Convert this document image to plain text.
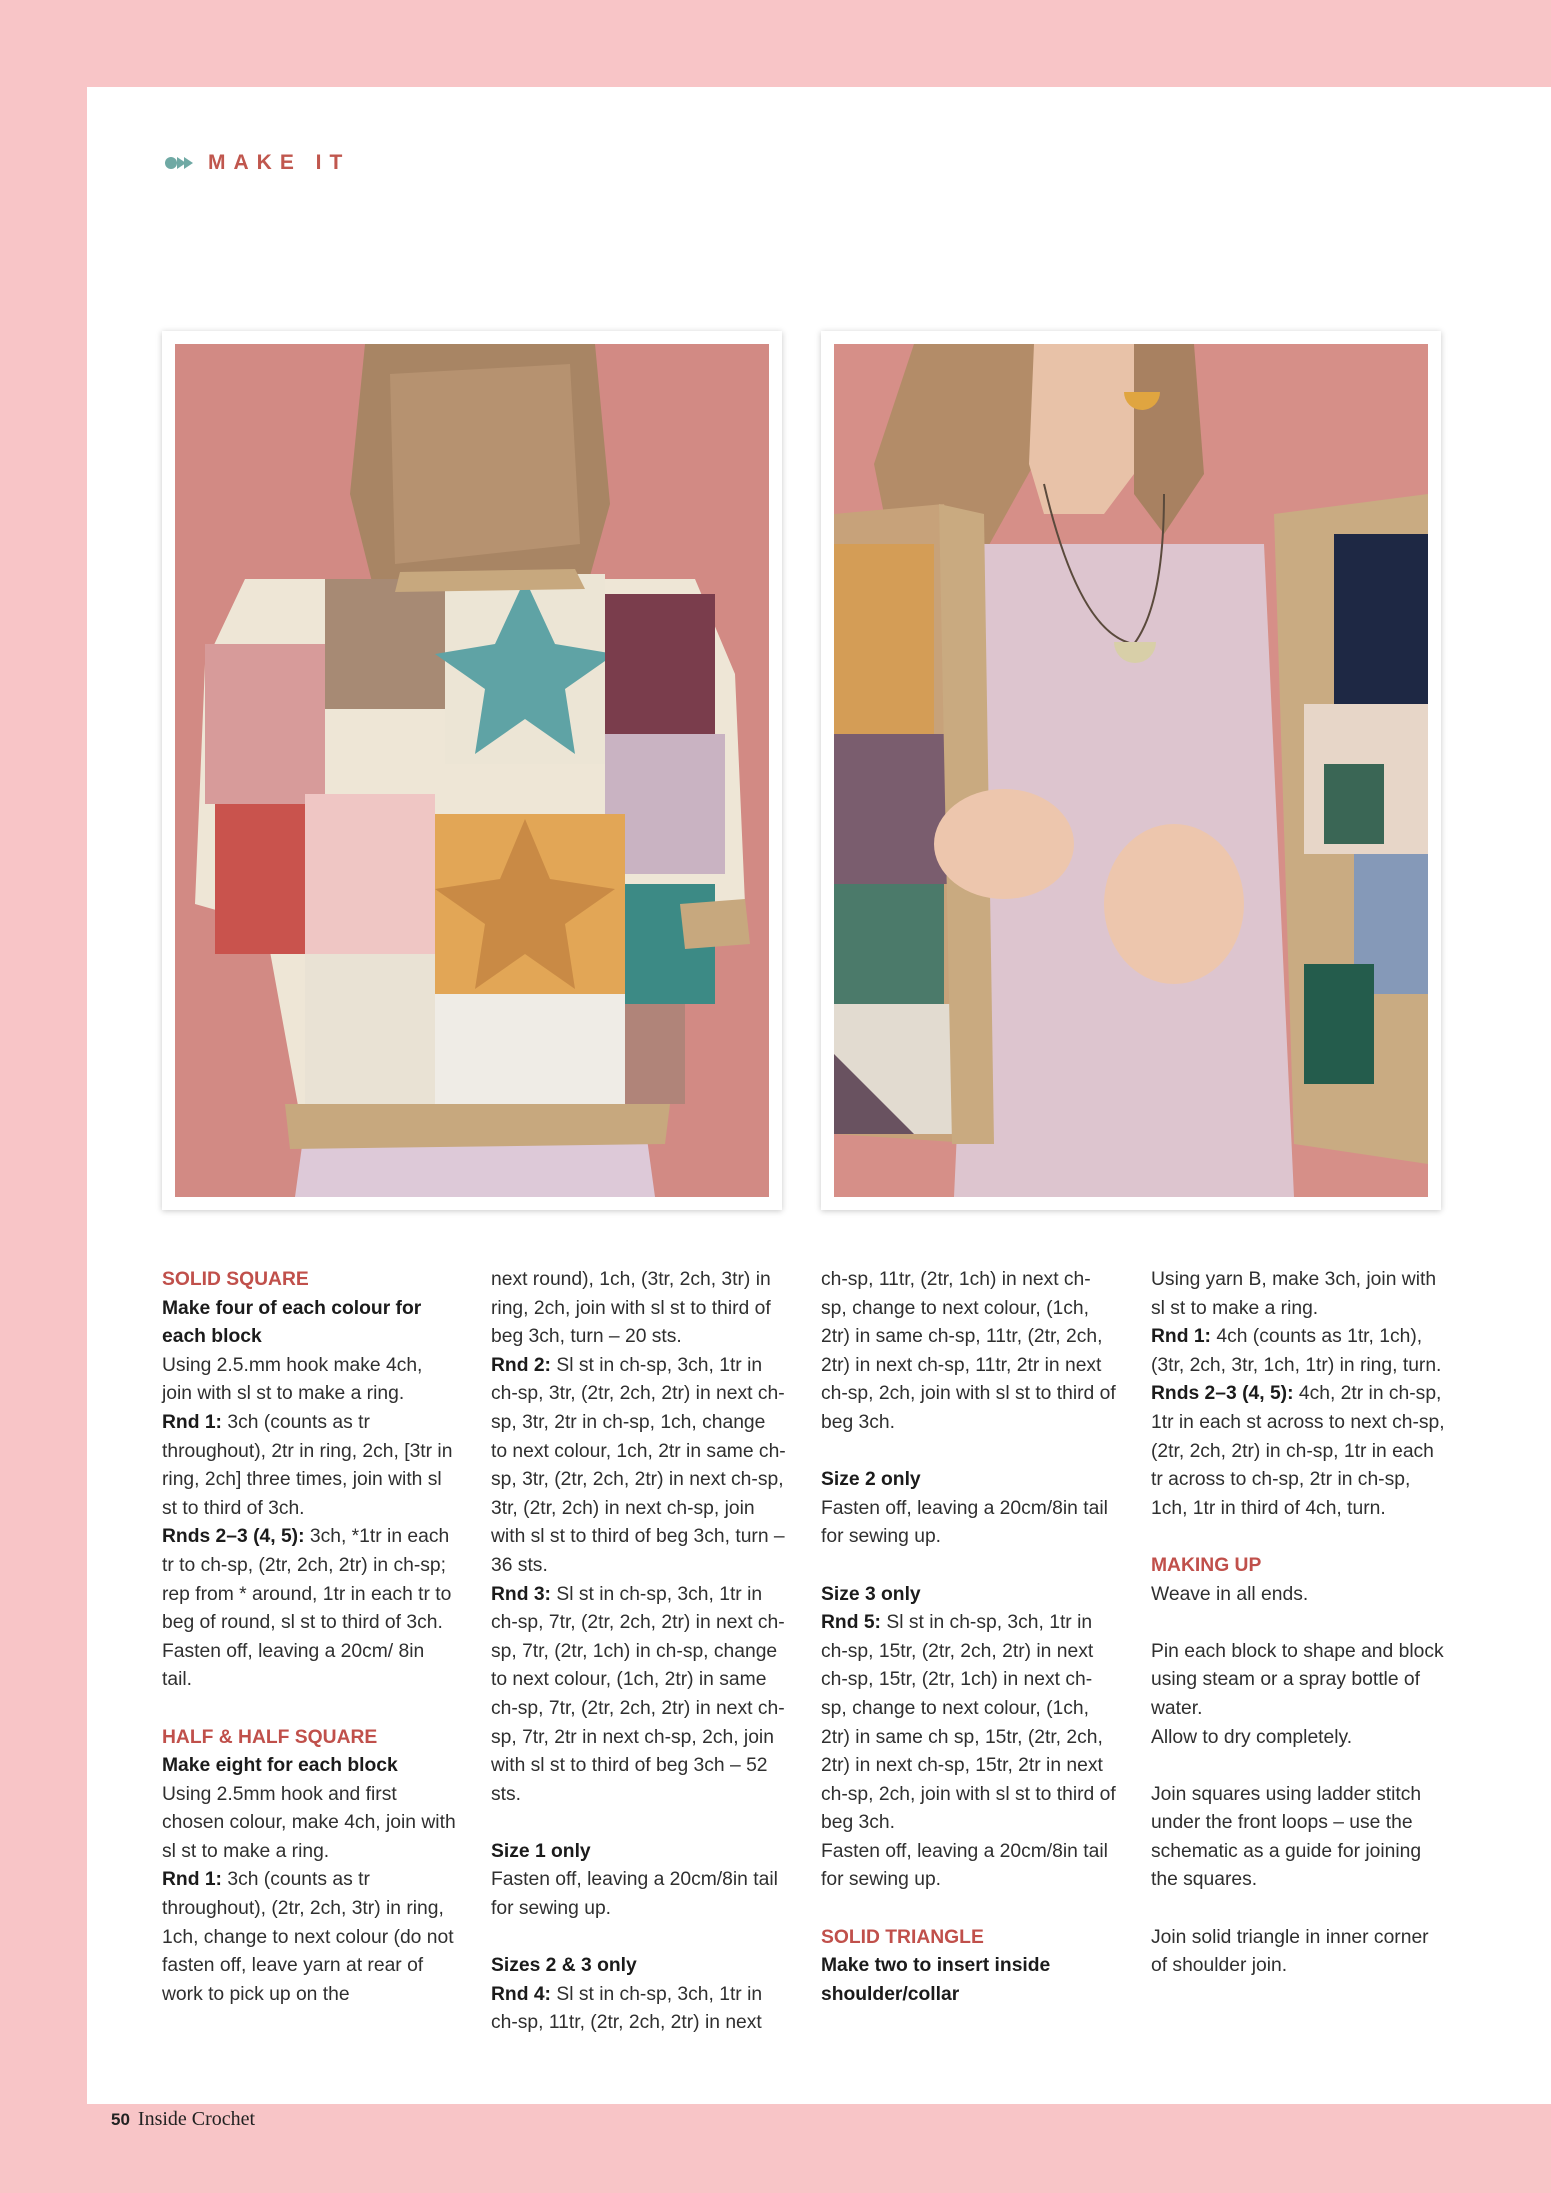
MAKE IT

SOLID SQUARE

Make four of each colour for each block

Using 2.5.mm hook make 4ch, join with sl st to make a ring.

Rnd 1: 3ch (counts as tr throughout), 2tr in ring, 2ch, [3tr in ring, 2ch] three times, join with sl st to third of 3ch.

Rnds 2–3 (4, 5): 3ch, *1tr in each tr to ch-sp, (2tr, 2ch, 2tr) in ch-sp; rep from * around, 1tr in each tr to beg of round, sl st to third of 3ch.

Fasten off, leaving a 20cm/ 8in tail.

HALF & HALF SQUARE

Make eight for each block

Using 2.5mm hook and first chosen colour, make 4ch, join with sl st to make a ring.

Rnd 1: 3ch (counts as tr throughout), (2tr, 2ch, 3tr) in ring, 1ch, change to next colour (do not fasten off, leave yarn at rear of work to pick up on the

next round), 1ch, (3tr, 2ch, 3tr) in ring, 2ch, join with sl st to third of beg 3ch, turn – 20 sts.

Rnd 2: Sl st in ch-sp, 3ch, 1tr in ch-sp, 3tr, (2tr, 2ch, 2tr) in next ch-sp, 3tr, 2tr in ch-sp, 1ch, change to next colour, 1ch, 2tr in same ch-sp, 3tr, (2tr, 2ch, 2tr) in next ch-sp, 3tr, (2tr, 2ch) in next ch-sp, join with sl st to third of beg 3ch, turn – 36 sts.

Rnd 3: Sl st in ch-sp, 3ch, 1tr in ch-sp, 7tr, (2tr, 2ch, 2tr) in next ch-sp, 7tr, (2tr, 1ch) in ch-sp, change to next colour, (1ch, 2tr) in same ch-sp, 7tr, (2tr, 2ch, 2tr) in next ch-sp, 7tr, 2tr in next ch-sp, 2ch, join with sl st to third of beg 3ch – 52 sts.

Size 1 only

Fasten off, leaving a 20cm/8in tail for sewing up.

Sizes 2 & 3 only

Rnd 4: Sl st in ch-sp, 3ch, 1tr in ch-sp, 11tr, (2tr, 2ch, 2tr) in next

ch-sp, 11tr, (2tr, 1ch) in next ch-sp, change to next colour, (1ch, 2tr) in same ch-sp, 11tr, (2tr, 2ch, 2tr) in next ch-sp, 11tr, 2tr in next ch-sp, 2ch, join with sl st to third of beg 3ch.

Size 2 only

Fasten off, leaving a 20cm/8in tail for sewing up.

Size 3 only

Rnd 5: Sl st in ch-sp, 3ch, 1tr in ch-sp, 15tr, (2tr, 2ch, 2tr) in next ch-sp, 15tr, (2tr, 1ch) in next ch-sp, change to next colour, (1ch, 2tr) in same ch sp, 15tr, (2tr, 2ch, 2tr) in next ch-sp, 15tr, 2tr in next ch-sp, 2ch, join with sl st to third of beg 3ch.

Fasten off, leaving a 20cm/8in tail for sewing up.

SOLID TRIANGLE

Make two to insert inside shoulder/collar

Using yarn B, make 3ch, join with sl st to make a ring.

Rnd 1: 4ch (counts as 1tr, 1ch), (3tr, 2ch, 3tr, 1ch, 1tr) in ring, turn.

Rnds 2–3 (4, 5): 4ch, 2tr in ch-sp, 1tr in each st across to next ch-sp, (2tr, 2ch, 2tr) in ch-sp, 1tr in each tr across to ch-sp, 2tr in ch-sp, 1ch, 1tr in third of 4ch, turn.

MAKING UP

Weave in all ends.

Pin each block to shape and block using steam or a spray bottle of water.

Allow to dry completely.

Join squares using ladder stitch under the front loops – use the schematic as a guide for joining the squares.

Join solid triangle in inner corner of shoulder join.

50 Inside Crochet
